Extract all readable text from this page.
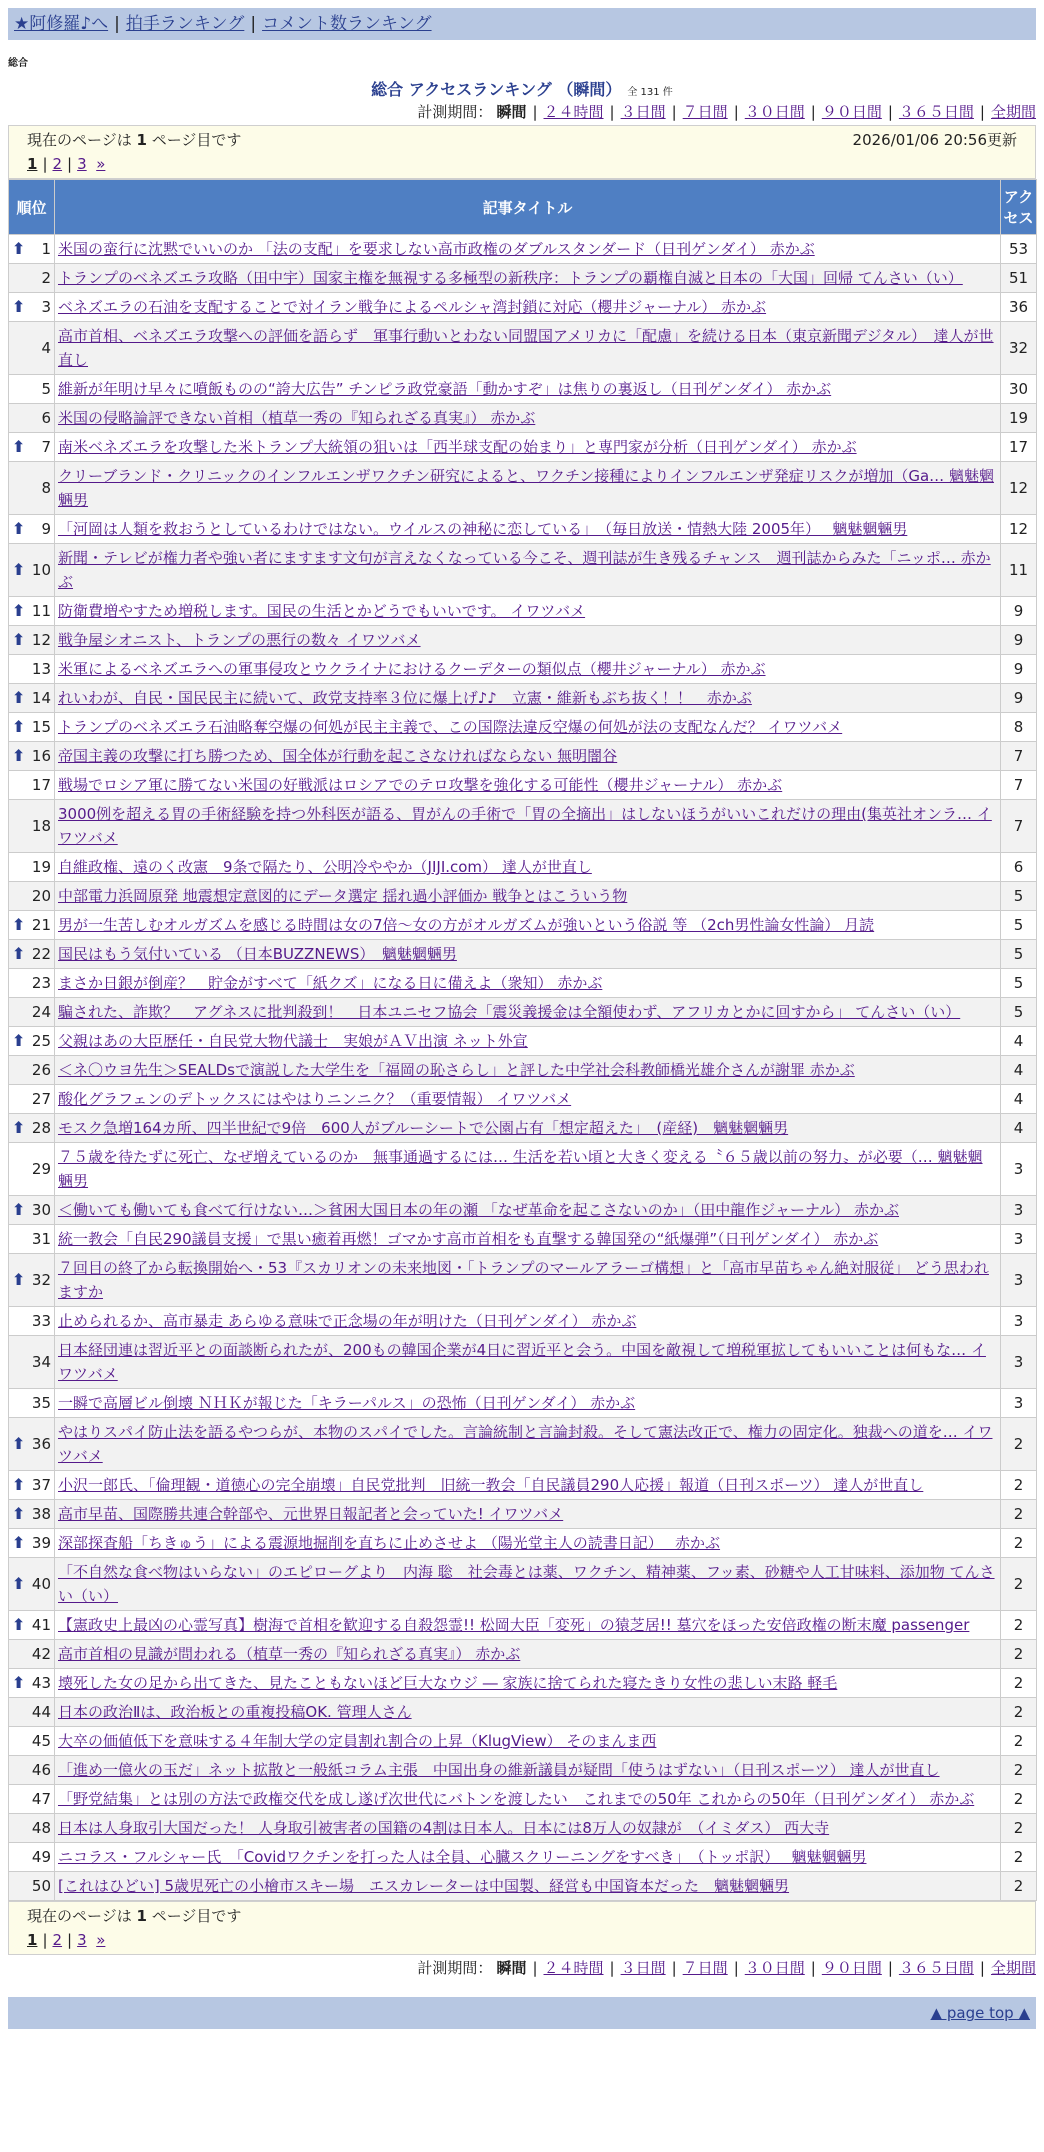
★阿修羅♪へ | 拍手ランキング | コメント数ランキング
総合
総合 アクセスランキング （瞬間） 全 131 件
計測期間： 瞬間 | ２４時間 | ３日間 | ７日間 | ３０日間 | ９０日間 | ３６５日間 | 全期間
現在のページは 1 ページ目です	2026/01/06 20:56更新
1 | 2 | 3 »
順位	記事タイトル	アクセス

⬆ 1	米国の蛮行に沈黙でいいのか 「法の支配」を要求しない高市政権のダブルスタンダード（日刊ゲンダイ） 赤かぶ	53
2	トランプのベネズエラ攻略（田中宇）国家主権を無視する多極型の新秩序：トランプの覇権自滅と日本の「大国」回帰 てんさい（い）	51

⬆ 3	ベネズエラの石油を支配することで対イラン戦争によるペルシャ湾封鎖に対応（櫻井ジャーナル） 赤かぶ	36
4	高市首相、ベネズエラ攻撃への評価を語らず　軍事行動いとわない同盟国アメリカに「配慮」を続ける日本（東京新聞デジタル）　達人が世直し	32
5	維新が年明け早々に噴飯ものの“誇大広告” チンピラ政党豪語「動かすぞ」は焦りの裏返し（日刊ゲンダイ） 赤かぶ	30
6	米国の侵略論評できない首相（植草一秀の『知られざる真実』） 赤かぶ	19

⬆ 7	南米ベネズエラを攻撃した米トランプ大統領の狙いは「西半球支配の始まり」と専門家が分析（日刊ゲンダイ） 赤かぶ	17
8	クリーブランド・クリニックのインフルエンザワクチン研究によると、ワクチン接種によりインフルエンザ発症リスクが増加（Ga… 魑魅魍魎男	12

⬆ 9	「河岡は人類を救おうとしているわけではない。ウイルスの神秘に恋している」　（毎日放送・情熱大陸 2005年）　 魑魅魍魎男	12

⬆ 10	新聞・テレビが権力者や強い者にますます文句が言えなくなっている今こそ、週刊誌が生き残るチャンス　週刊誌からみた「ニッポ… 赤かぶ	11

⬆ 11	防衛費増やすため増税します。国民の生活とかどうでもいいです。 イワツバメ	9

⬆ 12	戦争屋シオニスト、トランプの悪行の数々 イワツバメ	9
13	米軍によるベネズエラへの軍事侵攻とウクライナにおけるクーデターの類似点（櫻井ジャーナル） 赤かぶ	9

⬆ 14	れいわが、自民・国民民主に続いて、政党支持率３位に爆上げ♪♪　立憲・維新もぶち抜く！！　赤かぶ	9

⬆ 15	トランプのベネズエラ石油略奪空爆の何処が民主主義で、この国際法違反空爆の何処が法の支配なんだ？ イワツバメ	8

⬆ 16	帝国主義の攻撃に打ち勝つため、国全体が行動を起こさなければならない 無明闇谷	7
17	戦場でロシア軍に勝てない米国の好戦派はロシアでのテロ攻撃を強化する可能性（櫻井ジャーナル） 赤かぶ	7
18	3000例を超える胃の手術経験を持つ外科医が語る、胃がんの手術で「胃の全摘出」はしないほうがいいこれだけの理由(集英社オンラ… イワツバメ	7
19	自維政権、遠のく改憲　9条で隔たり、公明冷ややか（JIJI.com） 達人が世直し	6
20	中部電力浜岡原発 地震想定意図的にデータ選定 揺れ過小評価か 戦争とはこういう物	5

⬆ 21	男が一生苦しむオルガズムを感じる時間は女の7倍～女の方がオルガズムが強いという俗説 等 （2ch男性論女性論） 月読	5

⬆ 22	国民はもう気付いている （日本BUZZNEWS）　魑魅魍魎男	5
23	まさか日銀が倒産？　貯金がすべて「紙クズ」になる日に備えよ（衆知） 赤かぶ	5
24	騙された、詐欺？　アグネスに批判殺到！　日本ユニセフ協会「震災義援金は全額使わず、アフリカとかに回すから」 てんさい（い）	5

⬆ 25	父親はあの大臣歴任・自民党大物代議士　実娘がＡＶ出演 ネット外宣	4
26	＜ネ〇ウヨ先生＞SEALDsで演説した大学生を「福岡の恥さらし」と評した中学社会科教師橋光雄介さんが謝罪 赤かぶ	4
27	酸化グラフェンのデトックスにはやはりニンニク？（重要情報） イワツバメ	4

⬆ 28	モスク急増164カ所、四半世紀で9倍　600人がブルーシートで公園占有「想定超えた」　(産経)　魑魅魍魎男	4
29	７５歳を待たずに死亡、なぜ増えているのか　無事通過するには… 生活を若い頃と大きく変える〝６５歳以前の努力〟が必要（… 魑魅魍魎男	3

⬆ 30	＜働いても働いても食べて行けない…＞貧困大国日本の年の瀬 「なぜ革命を起こさないのか」（田中龍作ジャーナル） 赤かぶ	3
31	統一教会「自民290議員支援」で黒い癒着再燃！ゴマかす高市首相をも直撃する韓国発の“紙爆弾”（日刊ゲンダイ） 赤かぶ	3

⬆ 32	７回目の終了から転換開始へ・53『スカリオンの未来地図・「トランプのマールアラーゴ構想」と「高市早苗ちゃん絶対服従」 どう思われますか	3
33	止められるか、高市暴走 あらゆる意味で正念場の年が明けた（日刊ゲンダイ） 赤かぶ	3
34	日本経団連は習近平との面談断られたが、200もの韓国企業が4日に習近平と会う。中国を敵視して増税軍拡してもいいことは何もな… イワツバメ	3
35	一瞬で高層ビル倒壊 ＮＨＫが報じた「キラーパルス」の恐怖（日刊ゲンダイ） 赤かぶ	3

⬆ 36	やはりスパイ防止法を語るやつらが、本物のスパイでした。言論統制と言論封殺。そして憲法改正で、権力の固定化。独裁への道を… イワツバメ	2

⬆ 37	小沢一郎氏、「倫理観・道徳心の完全崩壊」自民党批判　旧統一教会「自民議員290人応援」報道（日刊スポーツ） 達人が世直し	2

⬆ 38	高市早苗、国際勝共連合幹部や、元世界日報記者と会っていた! イワツバメ	2

⬆ 39	深部探査船「ちきゅう」による震源地掘削を直ちに止めさせよ （陽光堂主人の読書日記）　 赤かぶ	2

⬆ 40	「不自然な食べ物はいらない」のエピローグより　内海 聡　社会毒とは薬、ワクチン、精神薬、フッ素、砂糖や人工甘味料、添加物 てんさい（い）	2

⬆ 41	【憲政史上最凶の心霊写真】樹海で首相を歓迎する自殺怨霊!! 松岡大臣「変死」の猿芝居!! 墓穴をほった安倍政権の断末魔 passenger	2
42	高市首相の見識が問われる（植草一秀の『知られざる真実』） 赤かぶ	2

⬆ 43	壊死した女の足から出てきた、見たこともないほど巨大なウジ ― 家族に捨てられた寝たきり女性の悲しい末路 軽毛	2
44	日本の政治Ⅱは、政治板との重複投稿OK. 管理人さん	2
45	大卒の価値低下を意味する４年制大学の定員割れ割合の上昇（KlugView） そのまんま西	2
46	「進め一億火の玉だ」ネット拡散と一般紙コラム主張　中国出身の維新議員が疑問「使うはずない」（日刊スポーツ） 達人が世直し	2
47	「野党結集」とは別の方法で政権交代を成し遂げ次世代にバトンを渡したい　これまでの50年 これからの50年（日刊ゲンダイ） 赤かぶ	2
48	日本は人身取引大国だった！ 人身取引被害者の国籍の4割は日本人。日本には8万人の奴隷が　（イミダス） 西大寺	2
49	ニコラス・フルシャー氏　「Covidワクチンを打った人は全員、心臓スクリーニングをすべき」　（トッポ訳）　 魑魅魍魎男	2
50	[これはひどい] 5歳児死亡の小檜市スキー場　エスカレーターは中国製、経営も中国資本だった　魑魅魍魎男	2
現在のページは 1 ページ目です
1 | 2 | 3 »
計測期間： 瞬間 | ２４時間 | ３日間 | ７日間 | ３０日間 | ９０日間 | ３６５日間 | 全期間
▲ page top ▲
